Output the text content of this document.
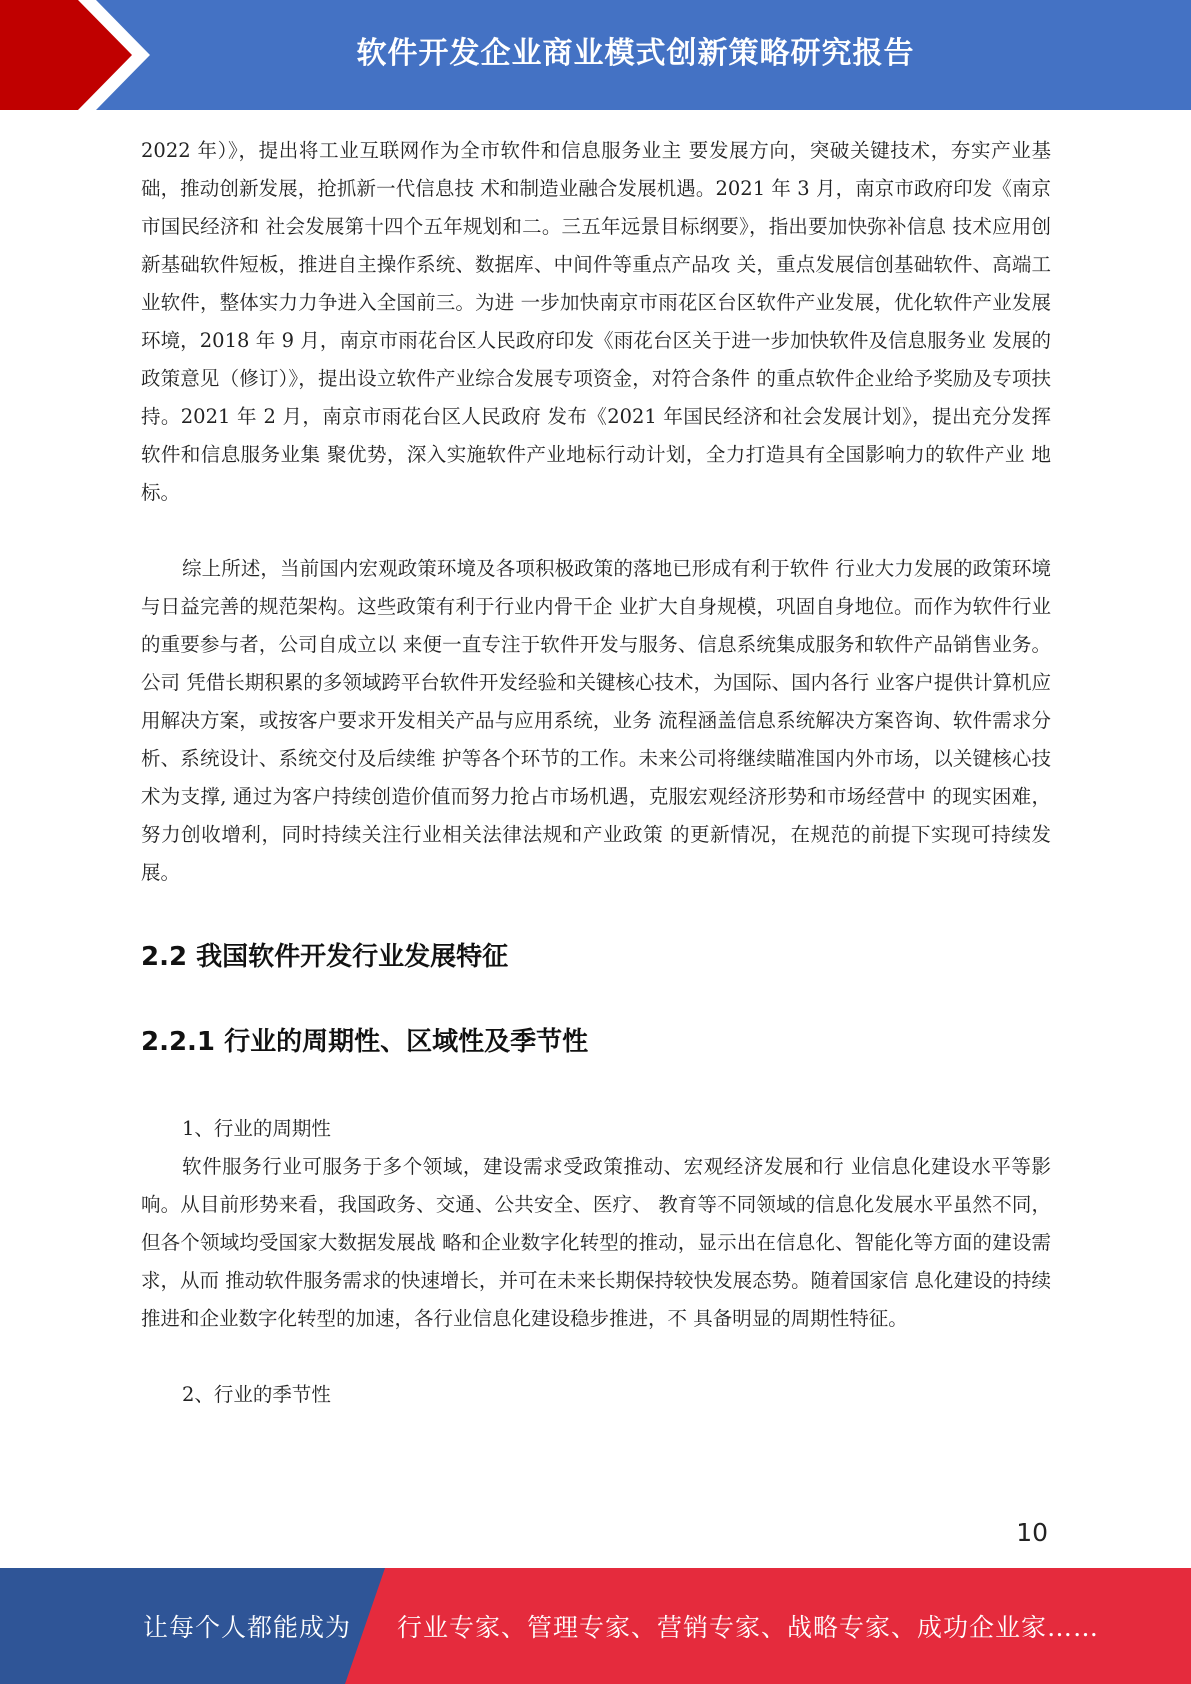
软件开发企业商业模式创新策略研究报告

2022 年）》，提出将工业互联网作为全市软件和信息服务业主 要发展方向，突破关键技术，夯实产业基础，推动创新发展，抢抓新一代信息技 术和制造业融合发展机遇。2021 年 3 月，南京市政府印发《南京市国民经济和 社会发展第十四个五年规划和二。三五年远景目标纲要》，指出要加快弥补信息 技术应用创新基础软件短板，推进自主操作系统、数据库、中间件等重点产品攻 关，重点发展信创基础软件、高端工业软件，整体实力力争进入全国前三。为进 一步加快南京市雨花区台区软件产业发展，优化软件产业发展环境，2018 年 9 月，南京市雨花台区人民政府印发《雨花台区关于进一步加快软件及信息服务业 发展的政策意见（修订）》，提出设立软件产业综合发展专项资金，对符合条件 的重点软件企业给予奖励及专项扶持。2021 年 2 月，南京市雨花台区人民政府 发布《2021 年国民经济和社会发展计划》，提出充分发挥软件和信息服务业集 聚优势，深入实施软件产业地标行动计划，全力打造具有全国影响力的软件产业 地标。

综上所述，当前国内宏观政策环境及各项积极政策的落地已形成有利于软件 行业大力发展的政策环境与日益完善的规范架构。这些政策有利于行业内骨干企 业扩大自身规模，巩固自身地位。而作为软件行业的重要参与者，公司自成立以 来便一直专注于软件开发与服务、信息系统集成服务和软件产品销售业务。公司 凭借长期积累的多领域跨平台软件开发经验和关键核心技术，为国际、国内各行 业客户提供计算机应用解决方案，或按客户要求开发相关产品与应用系统，业务 流程涵盖信息系统解决方案咨询、软件需求分析、系统设计、系统交付及后续维 护等各个环节的工作。未来公司将继续瞄准国内外市场，以关键核心技术为支撑, 通过为客户持续创造价值而努力抢占市场机遇，克服宏观经济形势和市场经营中 的现实困难，努力创收增利，同时持续关注行业相关法律法规和产业政策 的更新情况，在规范的前提下实现可持续发展。

2.2 我国软件开发行业发展特征
2.2.1 行业的周期性、区域性及季节性

1、行业的周期性

软件服务行业可服务于多个领域，建设需求受政策推动、宏观经济发展和行 业信息化建设水平等影响。从目前形势来看，我国政务、交通、公共安全、医疗、 教育等不同领域的信息化发展水平虽然不同，但各个领域均受国家大数据发展战 略和企业数字化转型的推动，显示出在信息化、智能化等方面的建设需求，从而 推动软件服务需求的快速增长，并可在未来长期保持较快发展态势。随着国家信 息化建设的持续推进和企业数字化转型的加速，各行业信息化建设稳步推进，不 具备明显的周期性特征。

2、行业的季节性

10
让每个人都能成为 行业专家、管理专家、营销专家、战略专家、成功企业家……
